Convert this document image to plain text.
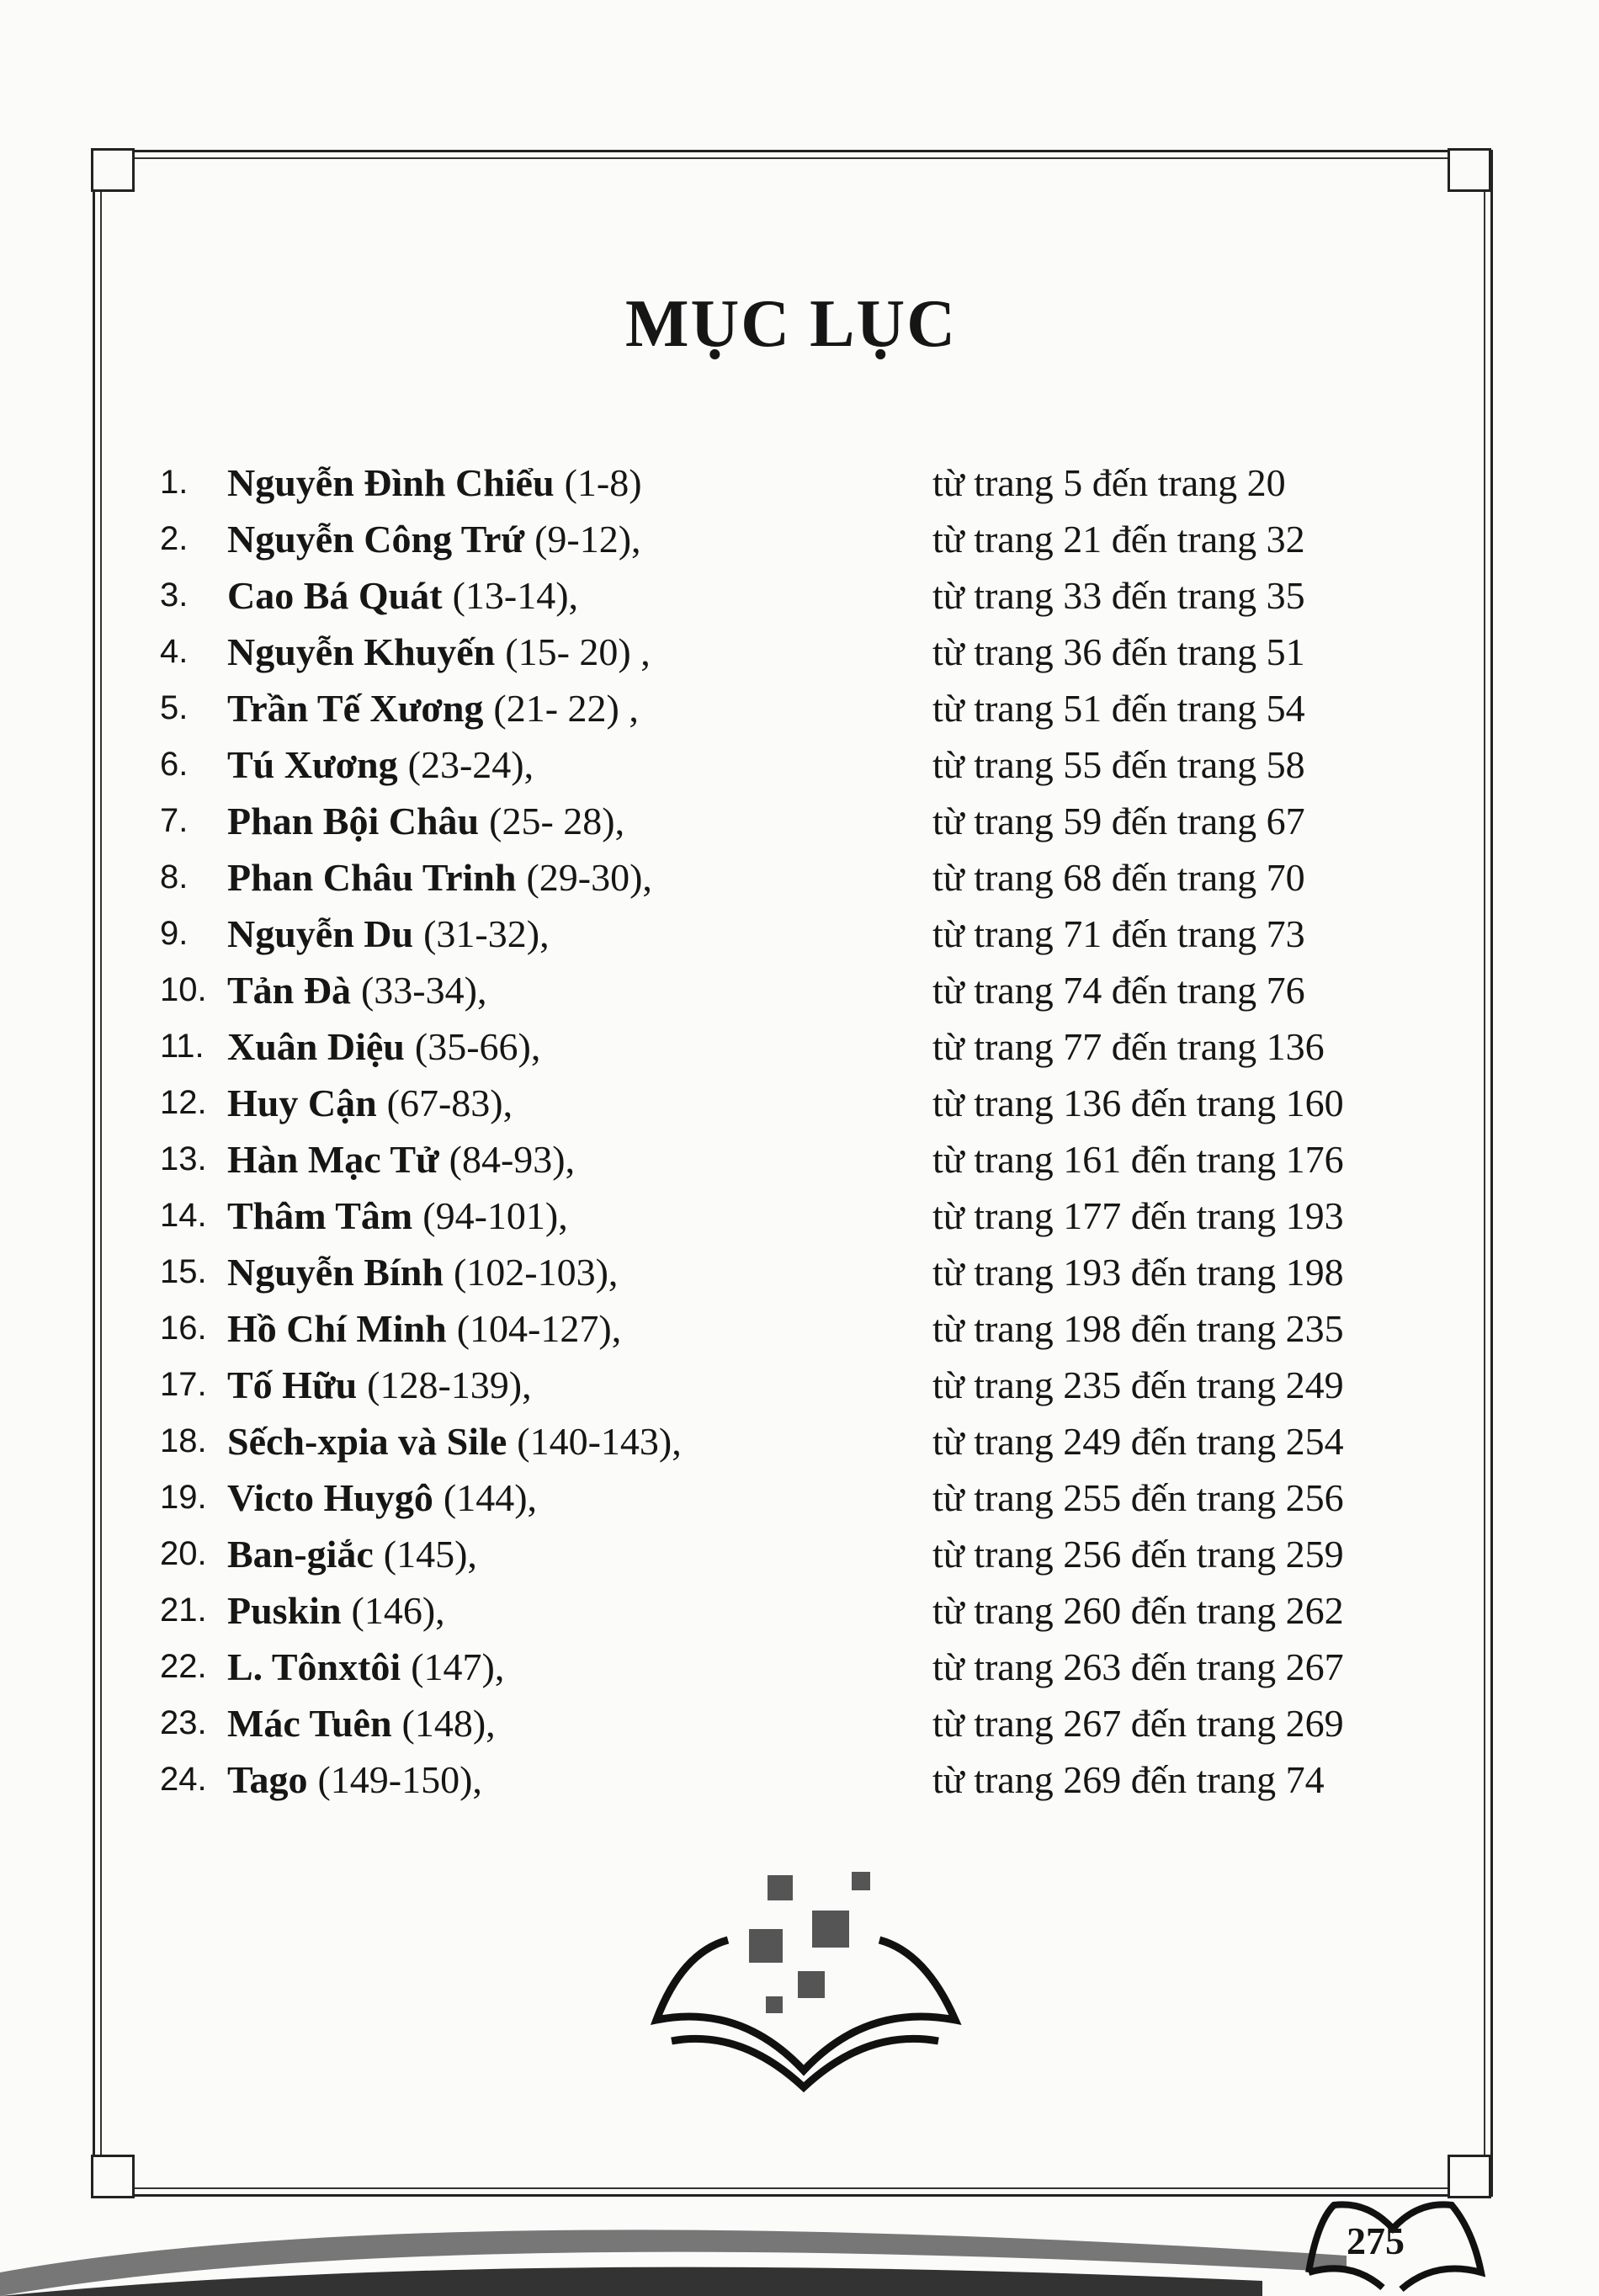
MỤC LỤC
1.	Nguyễn Đình Chiểu (1-8)	từ trang 5 đến trang 20
2.	Nguyễn Công Trứ (9-12),	từ trang 21 đến trang 32
3.	Cao Bá Quát (13-14),	từ trang 33 đến trang 35
4.	Nguyễn Khuyến (15- 20) ,	từ trang 36 đến trang 51
5.	Trần Tế Xương (21- 22) ,	từ trang 51 đến trang 54
6.	Tú Xương (23-24),	từ trang 55 đến trang 58
7.	Phan Bội Châu (25- 28),	từ trang 59 đến trang 67
8.	Phan Châu Trinh (29-30),	từ trang 68 đến trang 70
9.	Nguyễn Du (31-32),	từ trang 71 đến trang 73
10. Tản Đà (33-34),	từ trang 74 đến trang 76
11. Xuân Diệu (35-66),	từ trang 77 đến trang 136
12. Huy Cận (67-83),	từ trang 136 đến trang 160
13. Hàn Mạc Tử (84-93),	từ trang 161 đến trang 176
14. Thâm Tâm (94-101),	từ trang 177 đến trang 193
15. Nguyễn Bính (102-103),	từ trang 193 đến trang 198
16. Hồ Chí Minh (104-127),	từ trang 198 đến trang 235
17. Tố Hữu (128-139),	từ trang 235 đến trang 249
18. Sếch-xpia và Sile (140-143),	từ trang 249 đến trang 254
19. Victo Huygô (144),	từ trang 255 đến trang 256
20. Ban-giắc (145),	từ trang 256 đến trang 259
21. Puskin (146),	từ trang 260 đến trang 262
22. L. Tônxtôi (147),	từ trang 263 đến trang 267
23. Mác Tuên (148),	từ trang 267 đến trang 269
24. Tago (149-150),	từ trang 269 đến trang 74
275
